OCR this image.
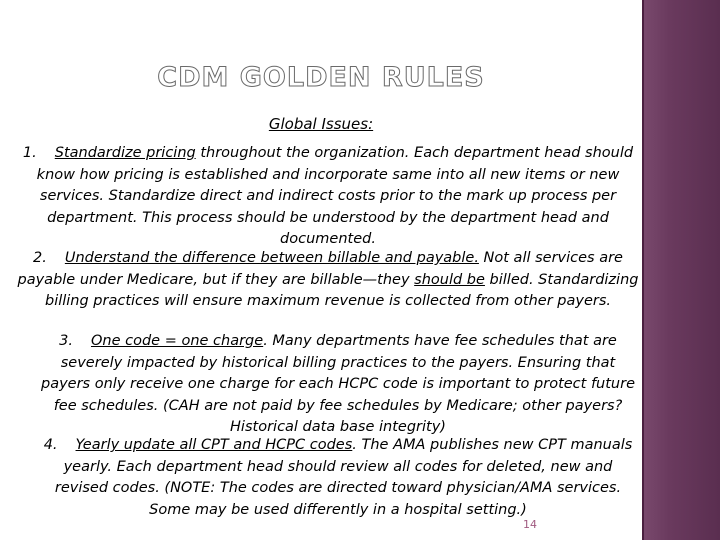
CDM GOLDEN RULES
Global Issues:
1. Standardize pricing throughout the organization. Each department head should know how pricing is established and incorporate same into all new items or new services. Standardize direct and indirect costs prior to the mark up process per department. This process should be understood by the department head and documented.
2. Understand the difference between billable and payable. Not all services are payable under Medicare, but if they are billable—they should be billed. Standardizing billing practices will ensure maximum revenue is collected from other payers.
3. One code = one charge. Many departments have fee schedules that are severely impacted by historical billing practices to the payers. Ensuring that payers only receive one charge for each HCPC code is important to protect future fee schedules. (CAH are not paid by fee schedules by Medicare; other payers? Historical data base integrity)
4. Yearly update all CPT and HCPC codes. The AMA publishes new CPT manuals yearly. Each department head should review all codes for deleted, new and revised codes. (NOTE: The codes are directed toward physician/AMA services. Some may be used differently in a hospital setting.)
14
